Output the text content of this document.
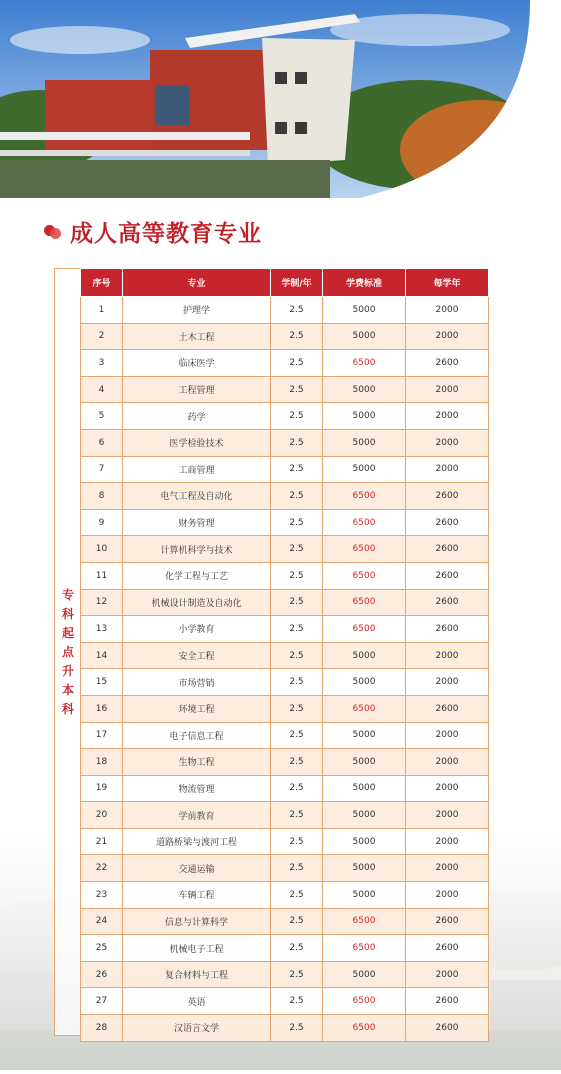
成人高等教育专业
专科起点升本科
序号	专业	学制/年	学费标准	每学年
1	护理学	2.5	5000	2000
2	土木工程	2.5	5000	2000
3	临床医学	2.5	6500	2600
4	工程管理	2.5	5000	2000
5	药学	2.5	5000	2000
6	医学检验技术	2.5	5000	2000
7	工商管理	2.5	5000	2000
8	电气工程及自动化	2.5	6500	2600
9	财务管理	2.5	6500	2600
10	计算机科学与技术	2.5	6500	2600
11	化学工程与工艺	2.5	6500	2600
12	机械设计制造及自动化	2.5	6500	2600
13	小学教育	2.5	6500	2600
14	安全工程	2.5	5000	2000
15	市场营销	2.5	5000	2000
16	环境工程	2.5	6500	2600
17	电子信息工程	2.5	5000	2000
18	生物工程	2.5	5000	2000
19	物流管理	2.5	5000	2000
20	学前教育	2.5	5000	2000
21	道路桥梁与渡河工程	2.5	5000	2000
22	交通运输	2.5	5000	2000
23	车辆工程	2.5	5000	2000
24	信息与计算科学	2.5	6500	2600
25	机械电子工程	2.5	6500	2600
26	复合材料与工程	2.5	5000	2000
27	英语	2.5	6500	2600
28	汉语言文学	2.5	6500	2600
